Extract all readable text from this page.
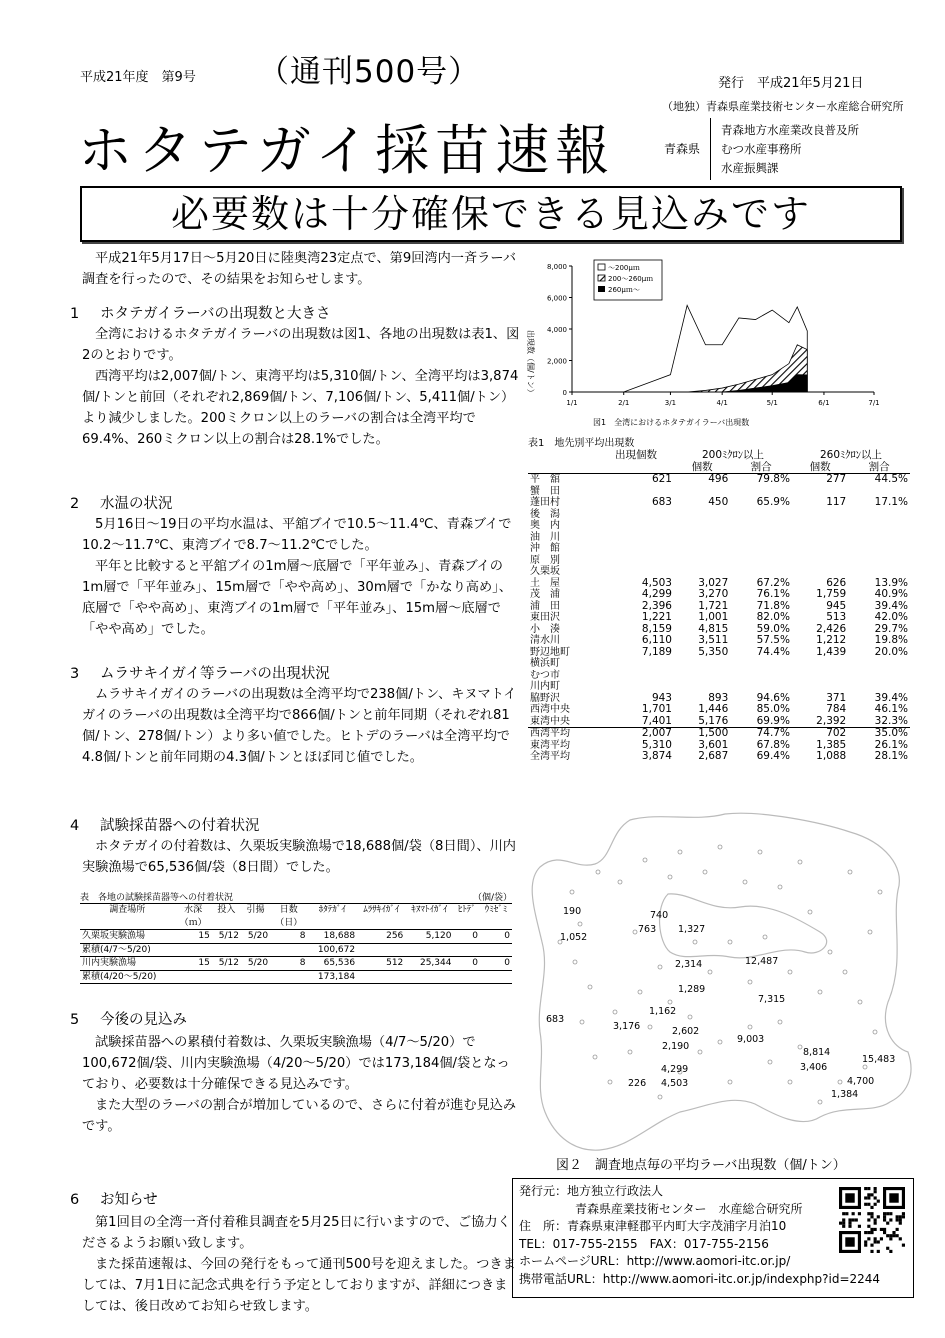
平成21年度　第9号 （通刊500号）	発行　平成21年5月21日
（地独）青森県産業技術センター水産総合研究所
ホタテガイ採苗速報	青森県
青森地方水産業改良普及所
むつ水産事務所
水産振興課
必要数は十分確保できる見込みです
平成21年5月17日～5月20日に陸奥湾23定点で、第9回湾内一斉ラーバ調査を行ったので、その結果をお知らせします。
1 ホタテガイラーバの出現数と大きさ
全湾におけるホタテガイラーバの出現数は図1、各地の出現数は表1、図2のとおりです。
西湾平均は2,007個/トン、東湾平均は5,310個/トン、全湾平均は3,874個/トンと前回（それぞれ2,869個/トン、7,106個/トン、5,411個/トン）より減少しました。200ミクロン以上のラーバの割合は全湾平均で69.4%、260ミクロン以上の割合は28.1%でした。
2 水温の状況
5月16日～19日の平均水温は、平舘ブイで10.5～11.4℃、青森ブイで10.2～11.7℃、東湾ブイで8.7～11.2℃でした。
平年と比較すると平舘ブイの1m層～底層で「平年並み」、青森ブイの1m層で「平年並み」、15m層で「やや高め」、30m層で「かなり高め」、底層で「やや高め」、東湾ブイの1m層で「平年並み」、15m層～底層で「やや高め」でした。
3 ムラサキイガイ等ラーバの出現状況
ムラサキイガイのラーバの出現数は全湾平均で238個/トン、キヌマトイガイのラーバの出現数は全湾平均で866個/トンと前年同期（それぞれ81個/トン、278個/トン）より多い値でした。ヒトデのラーバは全湾平均で4.8個/トンと前年同期の4.3個/トンとほぼ同じ値でした。
4 試験採苗器への付着状況
ホタテガイの付着数は、久栗坂実験漁場で18,688個/袋（8日間）、川内実験漁場で65,536個/袋（8日間）でした。
5 今後の見込み
試験採苗器への累積付着数は、久栗坂実験漁場（4/7～5/20）で100,672個/袋、川内実験漁場（4/20～5/20）では173,184個/袋となっており、必要数は十分確保できる見込みです。
また大型のラーバの割合が増加しているので、さらに付着が進む見込みです。
6 お知らせ
第1回目の全湾一斉付着稚貝調査を5月25日に行いますので、ご協力くださるようお願い致します。
また採苗速報は、今回の発行をもって通刊500号を迎えました。つきましては、7月1日に記念式典を行う予定としておりますが、詳細につきましては、後日改めてお知らせ致します。
0
2,000
4,000
6,000
8,000
1/1	2/1	3/1	4/1	5/1	6/1	7/1
図1　全湾におけるホタテガイラーバ出現数
出現数（個/トン）
～200μｍ
200～260μｍ
260μｍ～
表1　地先別平均出現数
	出現個数	200ﾐｸﾛﾝ以上		260ﾐｸﾛﾝ以上	
		個数	割合	個数	割合
平　舘	621	496	79.8%	277	44.5%
蟹　田					
蓬田村	683	450	65.9%	117	17.1%
後　潟					
奥　内					
油　川					
沖　館					
原　別					
久栗坂					
土　屋	4,503	3,027	67.2%	626	13.9%
茂　浦	4,299	3,270	76.1%	1,759	40.9%
浦　田	2,396	1,721	71.8%	945	39.4%
東田沢	1,221	1,001	82.0%	513	42.0%
小　湊	8,159	4,815	59.0%	2,426	29.7%
清水川	6,110	3,511	57.5%	1,212	19.8%
野辺地町	7,189	5,350	74.4%	1,439	20.0%
横浜町					
むつ市					
川内町					
脇野沢	943	893	94.6%	371	39.4%
西湾中央	1,701	1,446	85.0%	784	46.1%
東湾中央	7,401	5,176	69.9%	2,392	32.3%
西湾平均	2,007	1,500	74.7%	702	35.0%
東湾平均	5,310	3,601	67.8%	1,385	26.1%
全湾平均	3,874	2,687	69.4%	1,088	28.1%
表　各地の試験採苗器等への付着状況	（個/袋）
調査場所	水深	投入	引揚	日数	ﾎﾀﾃｶﾞｲ	ﾑﾗｻｷｲｶﾞｲ	ｷﾇﾏﾄｲｶﾞｲ	ﾋﾄﾃﾞ	ｳﾐｾﾞﾐ
	（ｍ）			（日）					
久栗坂実験漁場	15	5/12	5/20	8	18,688	256	5,120	0	0
累積(4/7～5/20)					100,672				
川内実験漁場	15	5/12	5/20	8	65,536	512	25,344	0	0
累積(4/20～5/20)					173,184				
190
1,052
740
763 1,327
2,314	12,487
1,289
683
1,162
3,176	2,602
7,315
9,003
2,190
8,814
15,483
3,406
226
4,299
4,503	4,700
1,384
図２　調査地点毎の平均ラーバ出現数（個/トン）
発行元：地方独立行政法人
青森県産業技術センター　水産総合研究所
住　所：青森県東津軽郡平内町大字茂浦字月泊10
TEL：017-755-2155　FAX：017-755-2156
ホームページURL：http://www.aomori-itc.or.jp/
携帯電話URL：http://www.aomori-itc.or.jp/indexphp?id=2244
